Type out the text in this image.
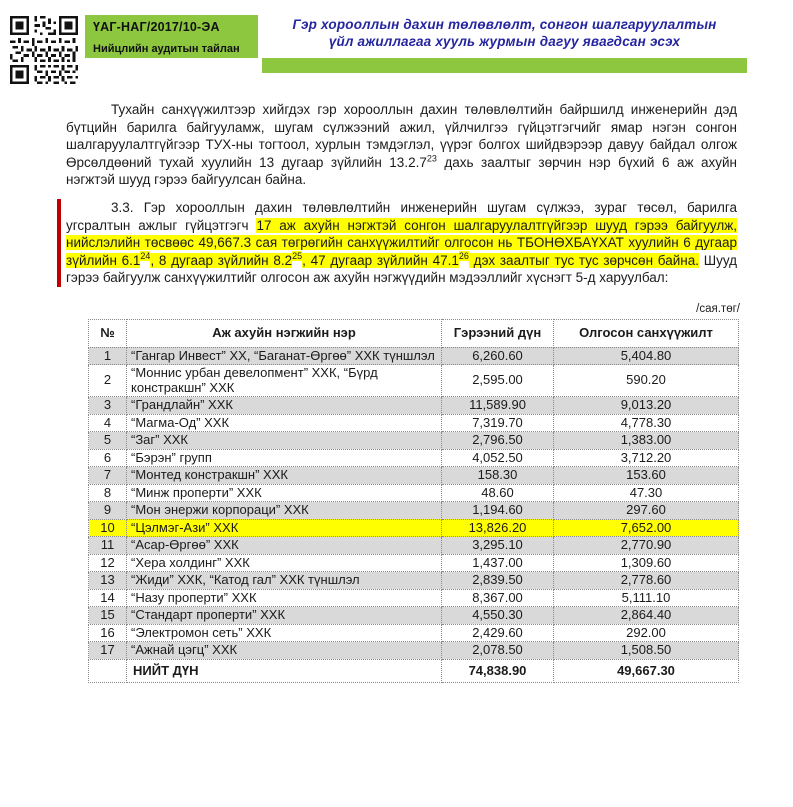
ҮАГ-НАГ/2017/10-ЭА
Нийцлийн аудитын тайлан
Гэр хорооллын дахин төлөвлөлт, сонгон шалгаруулалтын
үйл ажиллагаа хууль журмын дагуу явагдсан эсэх

Тухайн санхүүжилтээр хийгдэх гэр хорооллын дахин төлөвлөлтийн байршилд инженерийн дэд бүтцийн барилга байгууламж, шугам сүлжээний ажил, үйлчилгээ гүйцэтгэгчийг ямар нэгэн сонгон шалгаруулалтгүйгээр ТУХ-ны тогтоол, хурлын тэмдэглэл, үүрэг болгох шийдвэрээр давуу байдал олгож Өрсөлдөөний тухай хуулийн 13 дугаар зүйлийн 13.2.7$^{23}$ дахь заалтыг зөрчин нэр бүхий 6 аж ахуйн нэгжтэй шууд гэрээ байгуулсан байна.

3.3. Гэр хорооллын дахин төлөвлөлтийн инженерийн шугам сүлжээ, зураг төсөл, барилга угсралтын ажлыг гүйцэтгэгч 17 аж ахуйн нэгжтэй сонгон шалгаруулалтгүйгээр шууд гэрээ байгуулж, нийслэлийн төсвөөс 49,667.3 сая төгрөгийн санхүүжилтийг олгосон нь ТБОНӨХБАҮХАТ хуулийн 6 дугаар зүйлийн $6.1^{24}$, 8 дугаар зүйлийн $8.2^{25}$, 47 дугаар зүйлийн 47.1$^{26}$ дэх заалтыг тус тус зөрчсөн байна. Шууд гэрээ байгуулж санхүүжилтийг олгосон аж ахуйн нэгжүүдийн мэдээллийг хүснэгт 5-д харуулбал:

/сая.төг/
№	Аж ахуйн нэгжийн нэр	Гэрээний дүн	Олгосон санхүүжилт
1	“Гангар Инвест” ХХ, “Баганат-Өргөө” ХХК түншлэл	6,260.60	5,404.80
2	“Моннис урбан девелопмент” ХХК, “Бүрд констракшн” ХХК	2,595.00	590.20
3	“Грандлайн” ХХК	11,589.90	9,013.20
4	“Магма-Од” ХХК	7,319.70	4,778.30
5	“Заг” ХХК	2,796.50	1,383.00
6	“Бэрэн” групп	4,052.50	3,712.20
7	“Монтед констракшн” ХХК	158.30	153.60
8	“Минж проперти” ХХК	48.60	47.30
9	“Мон энержи корпораци” ХХК	1,194.60	297.60
10	“Цэлмэг-Ази” ХХК	13,826.20	7,652.00
11	“Асар-Өргөө” ХХК	3,295.10	2,770.90
12	“Хера холдинг” ХХК	1,437.00	1,309.60
13	“Жиди” ХХК, “Катод гал” ХХК түншлэл	2,839.50	2,778.60
14	“Назу проперти” ХХК	8,367.00	5,111.10
15	“Стандарт проперти” ХХК	4,550.30	2,864.40
16	“Электромон сеть” ХХК	2,429.60	292.00
17	“Ажнай цэгц” ХХК	2,078.50	1,508.50
	НИЙТ ДҮН	74,838.90	49,667.30
